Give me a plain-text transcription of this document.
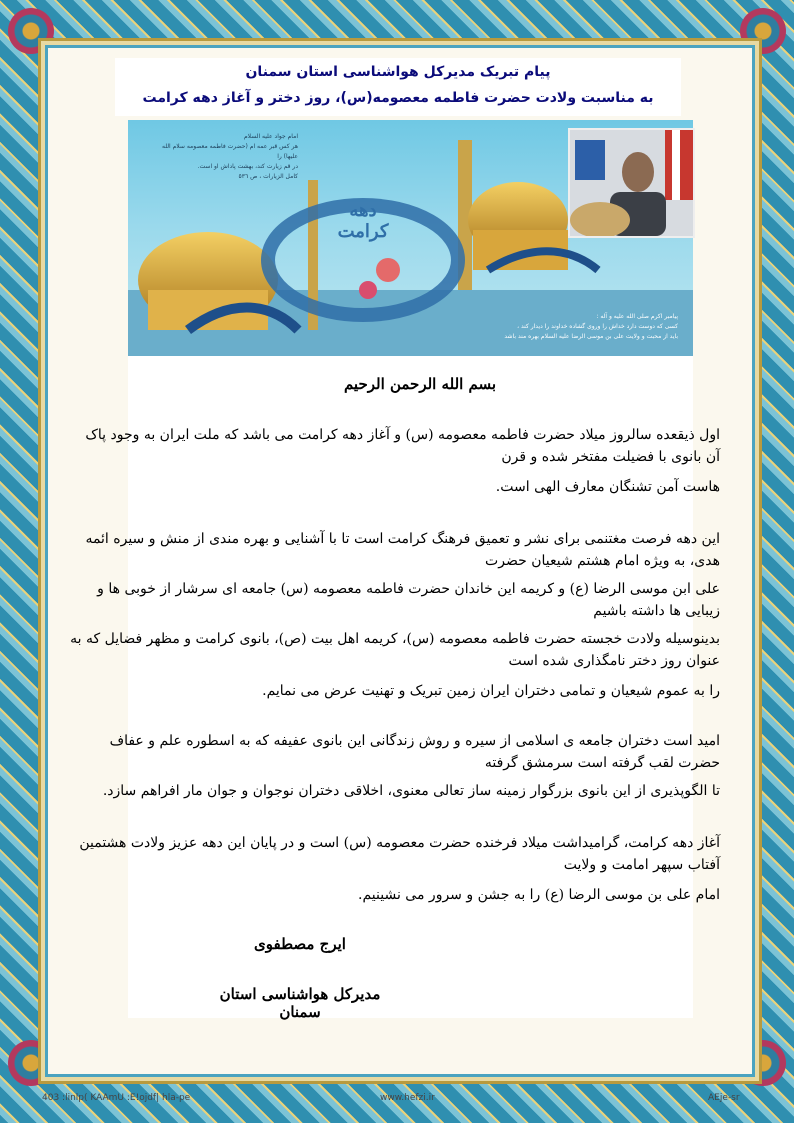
پیام تبریک مدیرکل هواشناسی استان سمنان
به مناسبت ولادت حضرت فاطمه معصومه(س)، روز دختر و آغاز دهه کرامت
امام جواد علیه السلام
هر کس قبر عمه ام (حضرت فاطمه معصومه سلام الله علیها) را
در قم زیارت کند، بهشت پاداش او است.
کامل الزیارات ، ص ٥٣٦
دهه کرامت
پیامبر اکرم صلی الله علیه و آله :
کسی که دوست دارد خداش را وروی گشاده خداوند را دیدار کند ،
باید از محبت و ولایت علی بن موسی الرضا علیه السلام بهره مند باشد
بسم الله الرحمن الرحیم
اول ذیقعده سالروز میلاد حضرت فاطمه معصومه (س) و آغاز دهه کرامت می باشد که ملت ایران به وجود پاک آن بانوی با فضیلت مفتخر شده و قرن
هاست آمن تشنگان معارف الهی است.
این دهه فرصت مغتنمی برای نشر و تعمیق فرهنگ کرامت است تا با آشنایی و بهره مندی از منش و سیره ائمه هدی، به ویژه امام هشتم شیعیان حضرت
علی ابن موسی الرضا (ع) و کریمه این خاندان حضرت فاطمه معصومه (س) جامعه ای سرشار از خوبی ها و زیبایی ها داشته باشیم
بدینوسیله ولادت خجسته حضرت فاطمه معصومه (س)، کریمه اهل بیت (ص)، بانوی کرامت و مظهر فضایل که به عنوان روز دختر نامگذاری شده است
را به عموم شیعیان و تمامی دختران ایران زمین تبریک و تهنیت عرض می نمایم.
امید است دختران جامعه ی اسلامی از سیره و روش زندگانی این بانوی عفیفه که به اسطوره علم و عفاف حضرت لقب گرفته است سرمشق گرفته
تا الگوپذیری از این بانوی بزرگوار زمینه ساز تعالی معنوی، اخلاقی دختران نوجوان و جوان مار افراهم سازد.
آغاز دهه کرامت، گرامیداشت میلاد فرخنده حضرت معصومه (س) است و در پایان این دهه عزیز ولادت هشتمین آفتاب سپهر امامت و ولایت
امام علی بن موسی الرضا (ع) را به جشن و سرور می نشینیم.
ایرج مصطفوی
مدیرکل هواشناسی استان سمنان
403 :linlp( KAAmU :E!ojdf| hla-pe	www.hefzi.ir	AEje-sr
